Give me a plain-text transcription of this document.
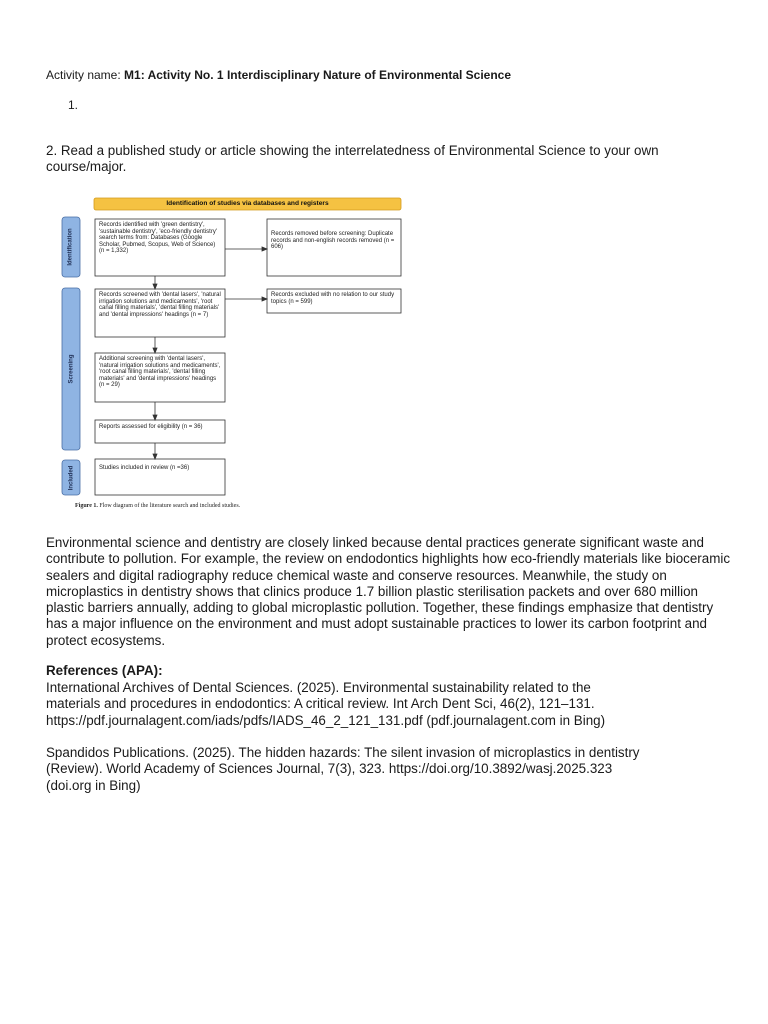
Activity name: M1: Activity No. 1 Interdisciplinary Nature of Environmental Science
1.
2. Read a published study or article showing the interrelatedness of Environmental Science to your own course/major.
Identification of studies via databases and registers
Identification
Screening
Included
Records identified with 'green dentistry', 'sustainable dentistry', 'eco-friendly dentistry' search terms from: Databases (Google Scholar, Pubmed, Scopus, Web of Science) (n = 1,332)
Records removed before screening: Duplicate records and non-english records removed (n = 606)
Records screened with 'dental lasers', 'natural irrigation solutions and medicaments', 'root canal filling materials', 'dental filling materials' and 'dental impressions' headings (n = 7)
Records excluded with no relation to our study topics (n = 599)
Additional screening with 'dental lasers', 'natural irrigation solutions and medicaments', 'root canal filling materials', 'dental filling materials' and 'dental impressions' headings (n = 29)
Reports assessed for eligibility (n = 36)
Studies included in review (n =36)
Figure 1. Flow diagram of the literature search and included studies.
Environmental science and dentistry are closely linked because dental practices generate significant waste and contribute to pollution. For example, the review on endodontics highlights how eco-friendly materials like bioceramic sealers and digital radiography reduce chemical waste and conserve resources. Meanwhile, the study on microplastics in dentistry shows that clinics produce 1.7 billion plastic sterilisation packets and over 680 million plastic barriers annually, adding to global microplastic pollution. Together, these findings emphasize that dentistry has a major influence on the environment and must adopt sustainable practices to lower its carbon footprint and protect ecosystems.
References (APA):

International Archives of Dental Sciences. (2025). Environmental sustainability related to the

materials and procedures in endodontics: A critical review. Int Arch Dent Sci, 46(2), 121–131.

https://pdf.journalagent.com/iads/pdfs/IADS_46_2_121_131.pdf (pdf.journalagent.com in Bing)

Spandidos Publications. (2025). The hidden hazards: The silent invasion of microplastics in dentistry

(Review). World Academy of Sciences Journal, 7(3), 323. https://doi.org/10.3892/wasj.2025.323

(doi.org in Bing)
